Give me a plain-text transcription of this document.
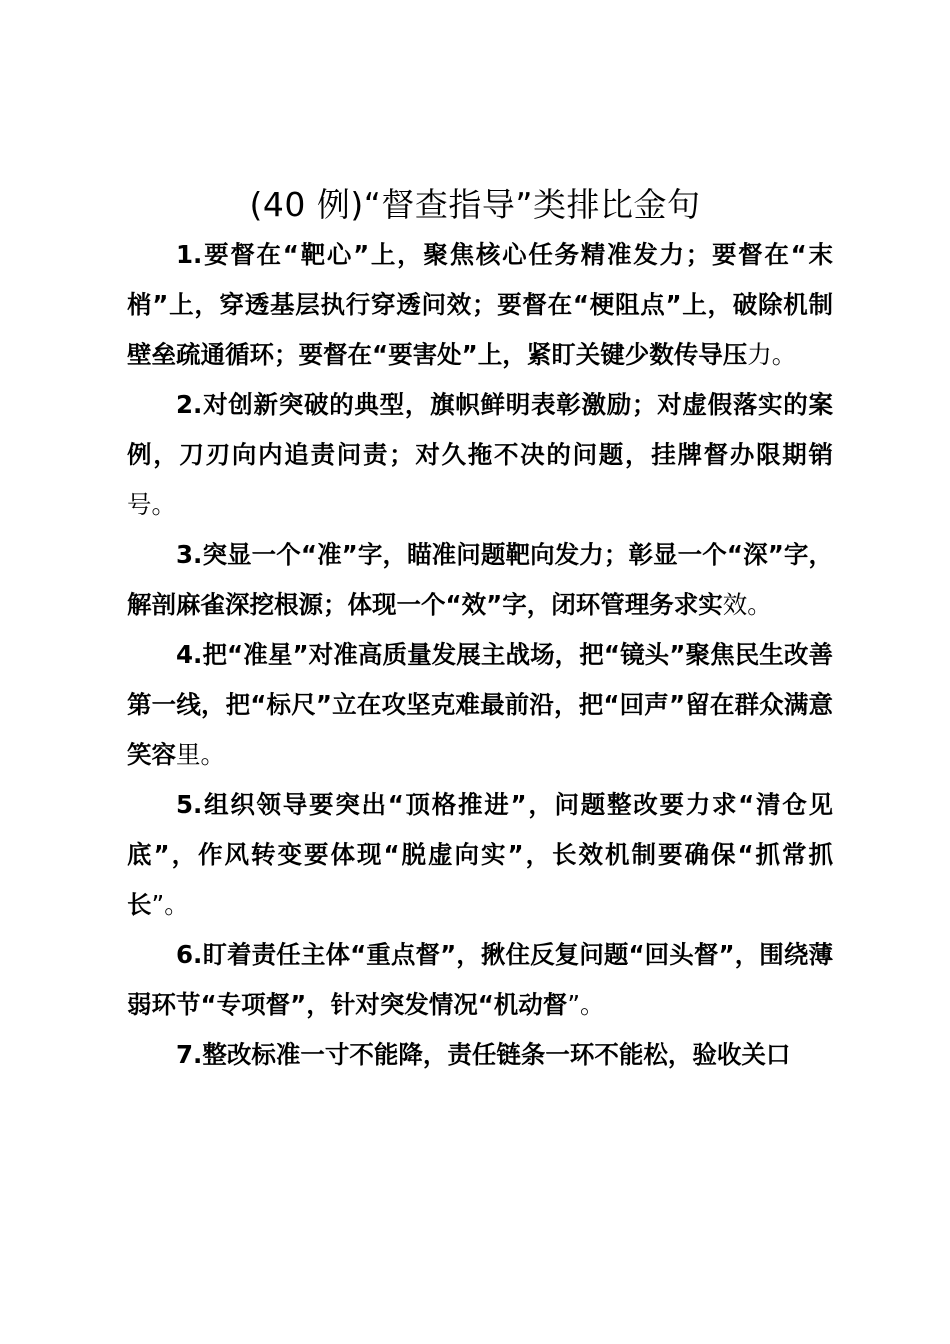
(40 例)“督查指导”类排比金句

1.要督在“靶心”上，聚焦核心任务精准发力；要督在“末梢”上，穿透基层执行穿透问效；要督在“梗阻点”上，破除机制壁垒疏通循环；要督在“要害处”上，紧盯关键少数传导压力。

2.对创新突破的典型，旗帜鲜明表彰激励；对虚假落实的案例，刀刃向内追责问责；对久拖不决的问题，挂牌督办限期销号。

3.突显一个“准”字，瞄准问题靶向发力；彰显一个“深”字，解剖麻雀深挖根源；体现一个“效”字，闭环管理务求实效。

4.把“准星”对准高质量发展主战场，把“镜头”聚焦民生改善第一线，把“标尺”立在攻坚克难最前沿，把“回声”留在群众满意笑容里。

5.组织领导要突出“顶格推进”，问题整改要力求“清仓见底”，作风转变要体现“脱虚向实”，长效机制要确保“抓常抓长”。

6.盯着责任主体“重点督”，揪住反复问题“回头督”，围绕薄弱环节“专项督”，针对突发情况“机动督”。

7.整改标准一寸不能降，责任链条一环不能松，验收关口
